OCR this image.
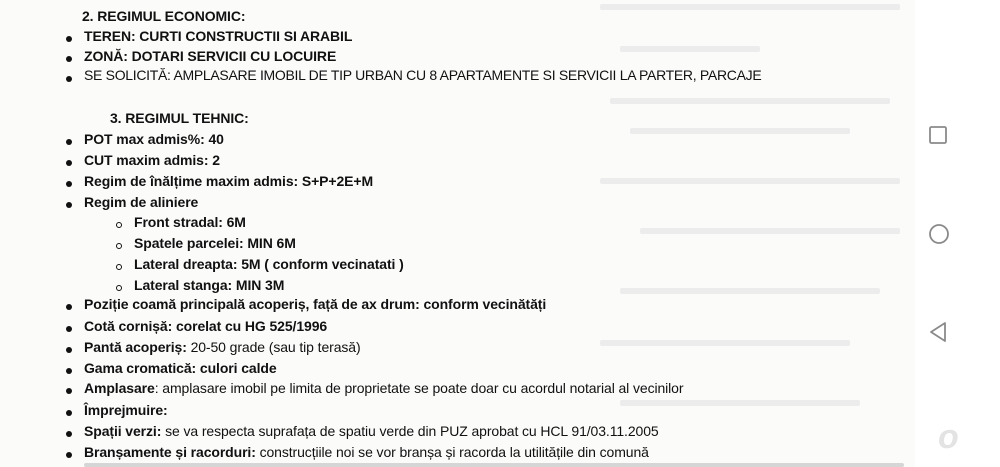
2. REGIMUL ECONOMIC:
TEREN: CURTI CONSTRUCTII SI ARABIL
ZONĂ: DOTARI SERVICII CU LOCUIRE
SE SOLICITĂ: AMPLASARE IMOBIL DE TIP URBAN CU 8 APARTAMENTE SI SERVICII LA PARTER, PARCAJE
3. REGIMUL TEHNIC:
POT max admis%: 40
CUT maxim admis: 2
Regim de înălțime maxim admis: S+P+2E+M
Regim de aliniere
Front stradal: 6M
Spatele parcelei: MIN 6M
Lateral dreapta: 5M ( conform vecinatati )
Lateral stanga: MIN 3M
Poziție coamă principală acoperiș, față de ax drum: conform vecinătăți
Cotă cornișă: corelat cu HG 525/1996
Pantă acoperiș: 20-50 grade (sau tip terasă)
Gama cromatică: culori calde
Amplasare: amplasare imobil pe limita de proprietate se poate doar cu acordul notarial al vecinilor
Împrejmuire:
Spații verzi: se va respecta suprafața de spatiu verde din PUZ aprobat cu HCL 91/03.11.2005
Branșamente și racorduri: construcțiile noi se vor branșa și racorda la utilitățile din comună	o
